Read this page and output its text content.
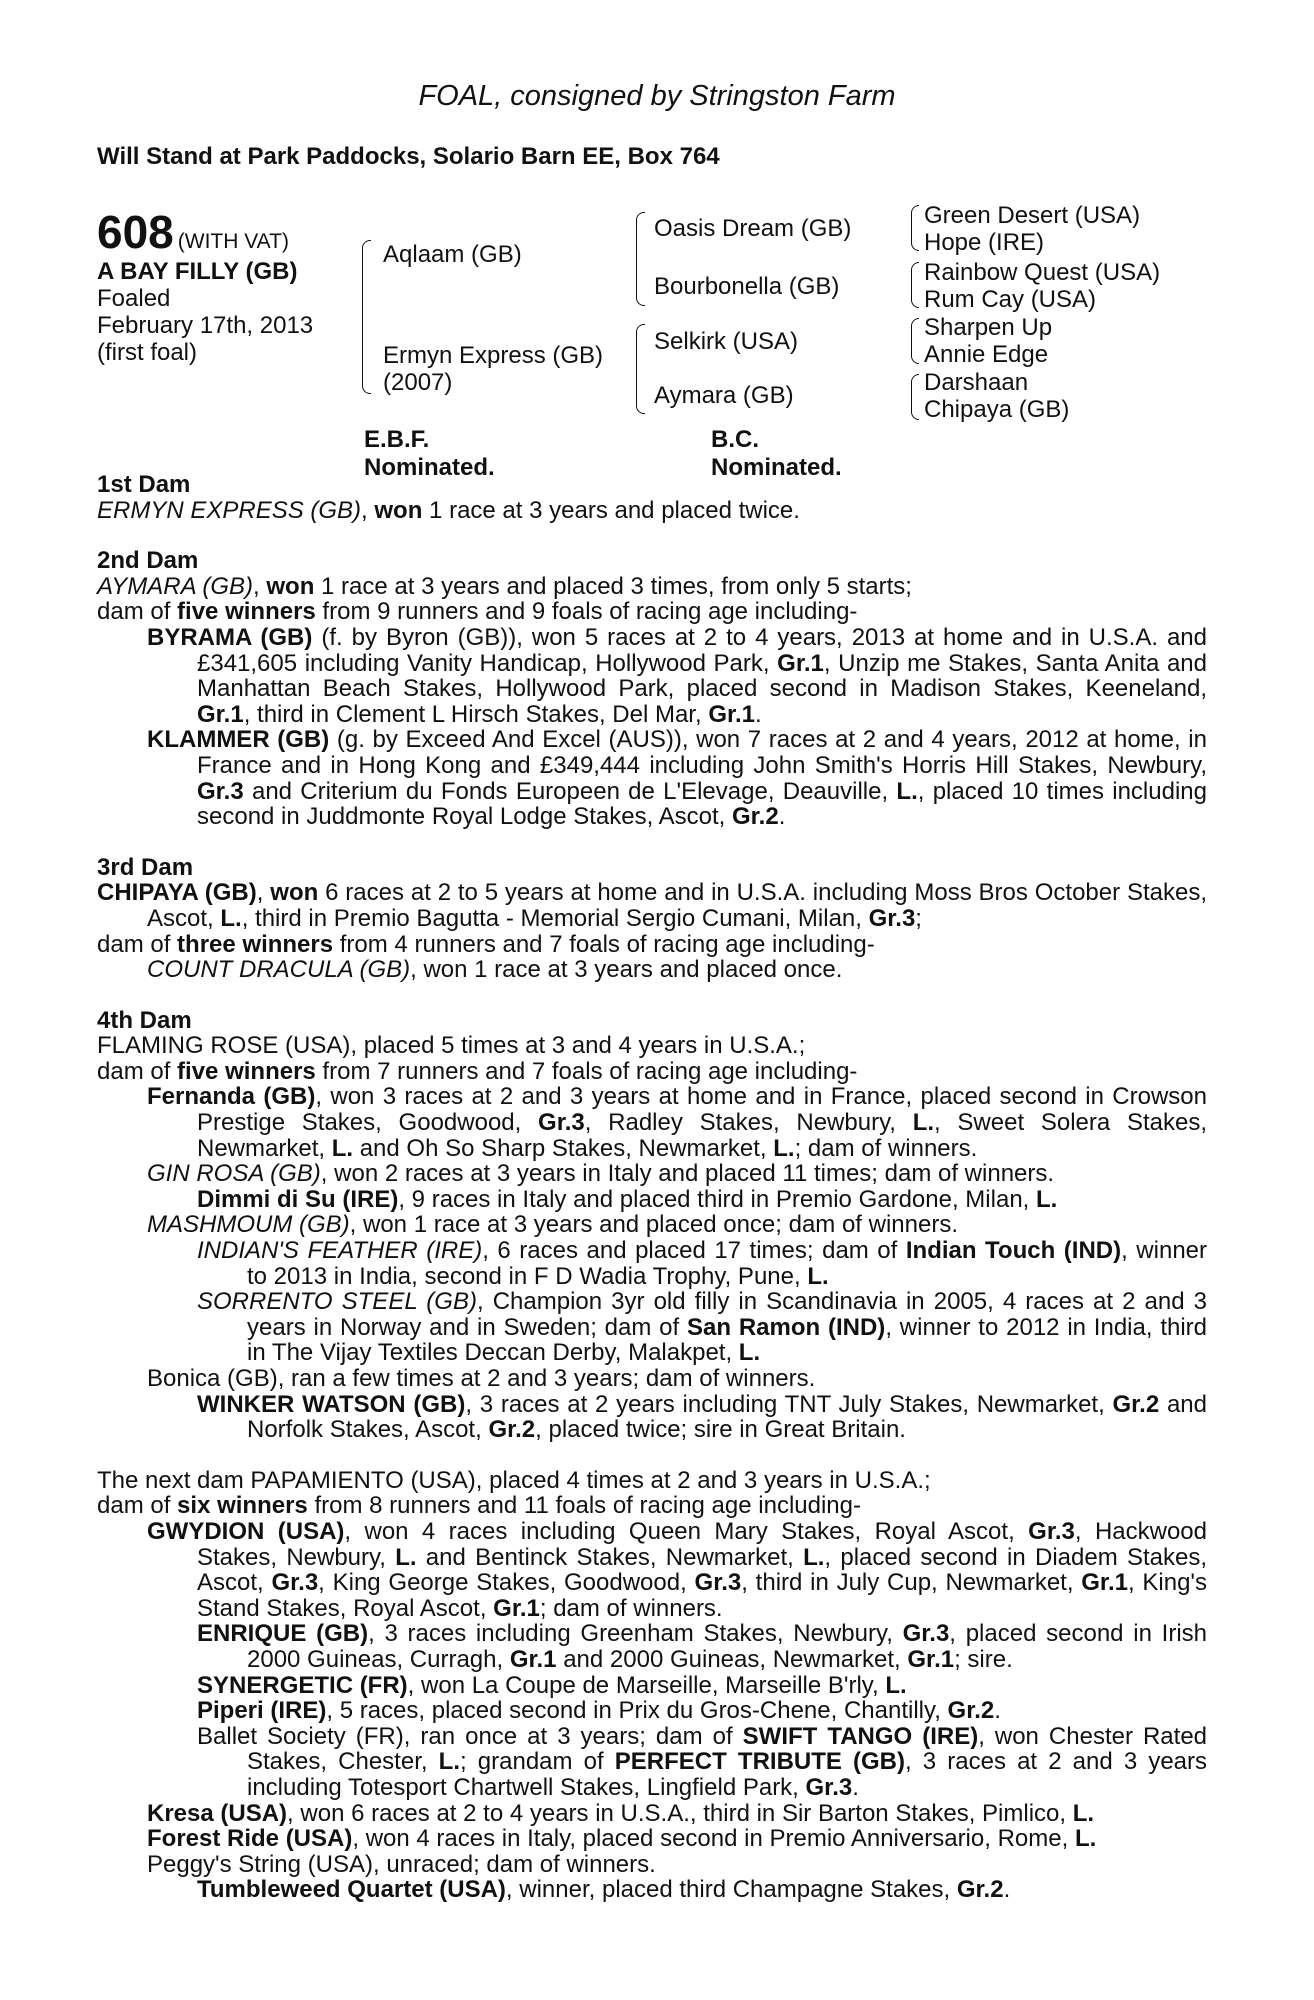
FOAL, consigned by Stringston Farm
Will Stand at Park Paddocks, Solario Barn EE, Box 764
608 (WITH VAT)
A BAY FILLY (GB)
Foaled
February 17th, 2013
(first foal)
Aqlaam (GB)
Ermyn Express (GB)
(2007)
Oasis Dream (GB)
Bourbonella (GB)
Selkirk (USA)
Aymara (GB)
Green Desert (USA)
Hope (IRE)
Rainbow Quest (USA)
Rum Cay (USA)
Sharpen Up
Annie Edge
Darshaan
Chipaya (GB)
E.B.F. Nominated.
B.C. Nominated.
1st Dam
ERMYN EXPRESS (GB), won 1 race at 3 years and placed twice.
2nd Dam
AYMARA (GB), won 1 race at 3 years and placed 3 times, from only 5 starts;
dam of five winners from 9 runners and 9 foals of racing age including-
BYRAMA (GB) (f. by Byron (GB)), won 5 races at 2 to 4 years, 2013 at home and in U.S.A. and £341,605 including Vanity Handicap, Hollywood Park, Gr.1, Unzip me Stakes, Santa Anita and Manhattan Beach Stakes, Hollywood Park, placed second in Madison Stakes, Keeneland, Gr.1, third in Clement L Hirsch Stakes, Del Mar, Gr.1.
KLAMMER (GB) (g. by Exceed And Excel (AUS)), won 7 races at 2 and 4 years, 2012 at home, in France and in Hong Kong and £349,444 including John Smith's Horris Hill Stakes, Newbury, Gr.3 and Criterium du Fonds Europeen de L'Elevage, Deauville, L., placed 10 times including second in Juddmonte Royal Lodge Stakes, Ascot, Gr.2.
3rd Dam
CHIPAYA (GB), won 6 races at 2 to 5 years at home and in U.S.A. including Moss Bros October Stakes, Ascot, L., third in Premio Bagutta - Memorial Sergio Cumani, Milan, Gr.3;
dam of three winners from 4 runners and 7 foals of racing age including-
COUNT DRACULA (GB), won 1 race at 3 years and placed once.
4th Dam
FLAMING ROSE (USA), placed 5 times at 3 and 4 years in U.S.A.;
dam of five winners from 7 runners and 7 foals of racing age including-
Fernanda (GB), won 3 races at 2 and 3 years at home and in France, placed second in Crowson Prestige Stakes, Goodwood, Gr.3, Radley Stakes, Newbury, L., Sweet Solera Stakes, Newmarket, L. and Oh So Sharp Stakes, Newmarket, L.; dam of winners.
GIN ROSA (GB), won 2 races at 3 years in Italy and placed 11 times; dam of winners.
Dimmi di Su (IRE), 9 races in Italy and placed third in Premio Gardone, Milan, L.
MASHMOUM (GB), won 1 race at 3 years and placed once; dam of winners.
INDIAN'S FEATHER (IRE), 6 races and placed 17 times; dam of Indian Touch (IND), winner to 2013 in India, second in F D Wadia Trophy, Pune, L.
SORRENTO STEEL (GB), Champion 3yr old filly in Scandinavia in 2005, 4 races at 2 and 3 years in Norway and in Sweden; dam of San Ramon (IND), winner to 2012 in India, third in The Vijay Textiles Deccan Derby, Malakpet, L.
Bonica (GB), ran a few times at 2 and 3 years; dam of winners.
WINKER WATSON (GB), 3 races at 2 years including TNT July Stakes, Newmarket, Gr.2 and Norfolk Stakes, Ascot, Gr.2, placed twice; sire in Great Britain.
The next dam PAPAMIENTO (USA), placed 4 times at 2 and 3 years in U.S.A.;
dam of six winners from 8 runners and 11 foals of racing age including-
GWYDION (USA), won 4 races including Queen Mary Stakes, Royal Ascot, Gr.3, Hackwood Stakes, Newbury, L. and Bentinck Stakes, Newmarket, L., placed second in Diadem Stakes, Ascot, Gr.3, King George Stakes, Goodwood, Gr.3, third in July Cup, Newmarket, Gr.1, King's Stand Stakes, Royal Ascot, Gr.1; dam of winners.
ENRIQUE (GB), 3 races including Greenham Stakes, Newbury, Gr.3, placed second in Irish 2000 Guineas, Curragh, Gr.1 and 2000 Guineas, Newmarket, Gr.1; sire.
SYNERGETIC (FR), won La Coupe de Marseille, Marseille B'rly, L.
Piperi (IRE), 5 races, placed second in Prix du Gros-Chene, Chantilly, Gr.2.
Ballet Society (FR), ran once at 3 years; dam of SWIFT TANGO (IRE), won Chester Rated Stakes, Chester, L.; grandam of PERFECT TRIBUTE (GB), 3 races at 2 and 3 years including Totesport Chartwell Stakes, Lingfield Park, Gr.3.
Kresa (USA), won 6 races at 2 to 4 years in U.S.A., third in Sir Barton Stakes, Pimlico, L.
Forest Ride (USA), won 4 races in Italy, placed second in Premio Anniversario, Rome, L.
Peggy's String (USA), unraced; dam of winners.
Tumbleweed Quartet (USA), winner, placed third Champagne Stakes, Gr.2.
